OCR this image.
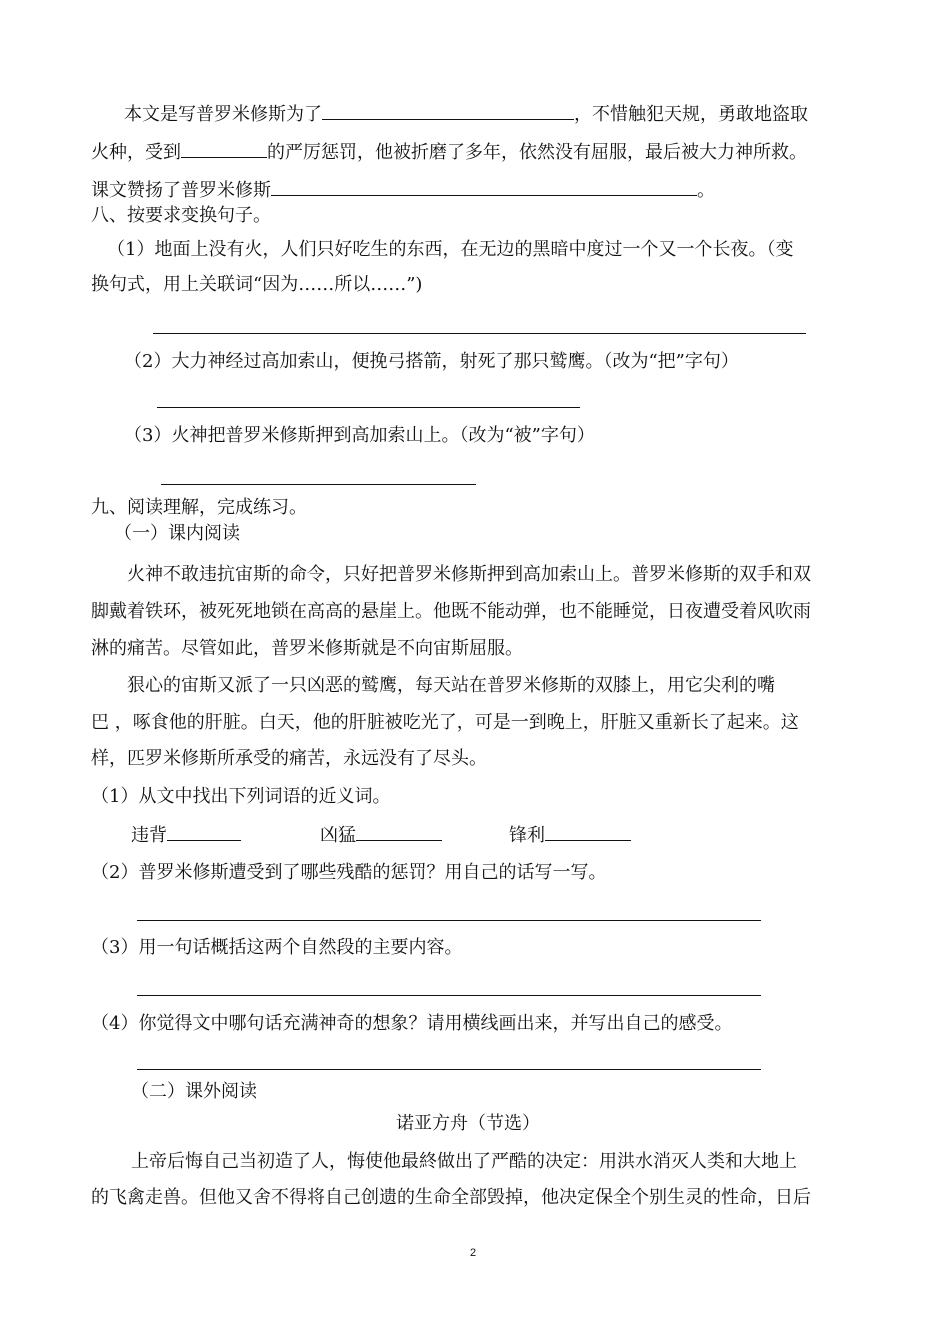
本文是写普罗米修斯为了	，不惜触犯天规，勇敢地盗取
火种，受到	的严厉惩罚，他被折磨了多年，依然没有屈服，最后被大力神所救。
课文赞扬了普罗米修斯	。
八、按要求变换句子。
（1）地面上没有火，人们只好吃生的东西，在无边的黑暗中度过一个又一个长夜。（变
换句式，用上关联词“因为……所以……”)
（2）大力神经过高加索山，便挽弓搭箭，射死了那只鹫鹰。（改为“把”字句）
（3）火神把普罗米修斯押到高加索山上。（改为“被”字句）
九、阅读理解，完成练习。
（一）课内阅读
火神不敢违抗宙斯的命令，只好把普罗米修斯押到高加索山上。普罗米修斯的双手和双
脚戴着铁环，被死死地锁在高高的悬崖上。他既不能动弹，也不能睡觉，日夜遭受着风吹雨
淋的痛苦。尽管如此，普罗米修斯就是不向宙斯屈服。
狠心的宙斯又派了一只凶恶的鹫鹰，每天站在普罗米修斯的双膝上，用它尖利的嘴
巴 ，啄食他的肝脏。白天，他的肝脏被吃光了，可是一到晚上，肝脏又重新长了起来。这
样，匹罗米修斯所承受的痛苦，永远没有了尽头。
（1）从文中找出下列词语的近义词。
违背	凶猛	锋利
（2）普罗米修斯遭受到了哪些残酷的惩罚？用自己的话写一写。
（3）用一句话概括这两个自然段的主要内容。
（4）你觉得文中哪句话充满神奇的想象？请用横线画出来，并写出自己的感受。
（二）课外阅读
诺亚方舟（节选）
上帝后悔自己当初造了人，悔使他最終做出了严酷的决定：用洪水消灭人类和大地上
的飞禽走兽。但他又舍不得将自己创遗的生命全部毁掉，他决定保全个别生灵的性命，日后
2
